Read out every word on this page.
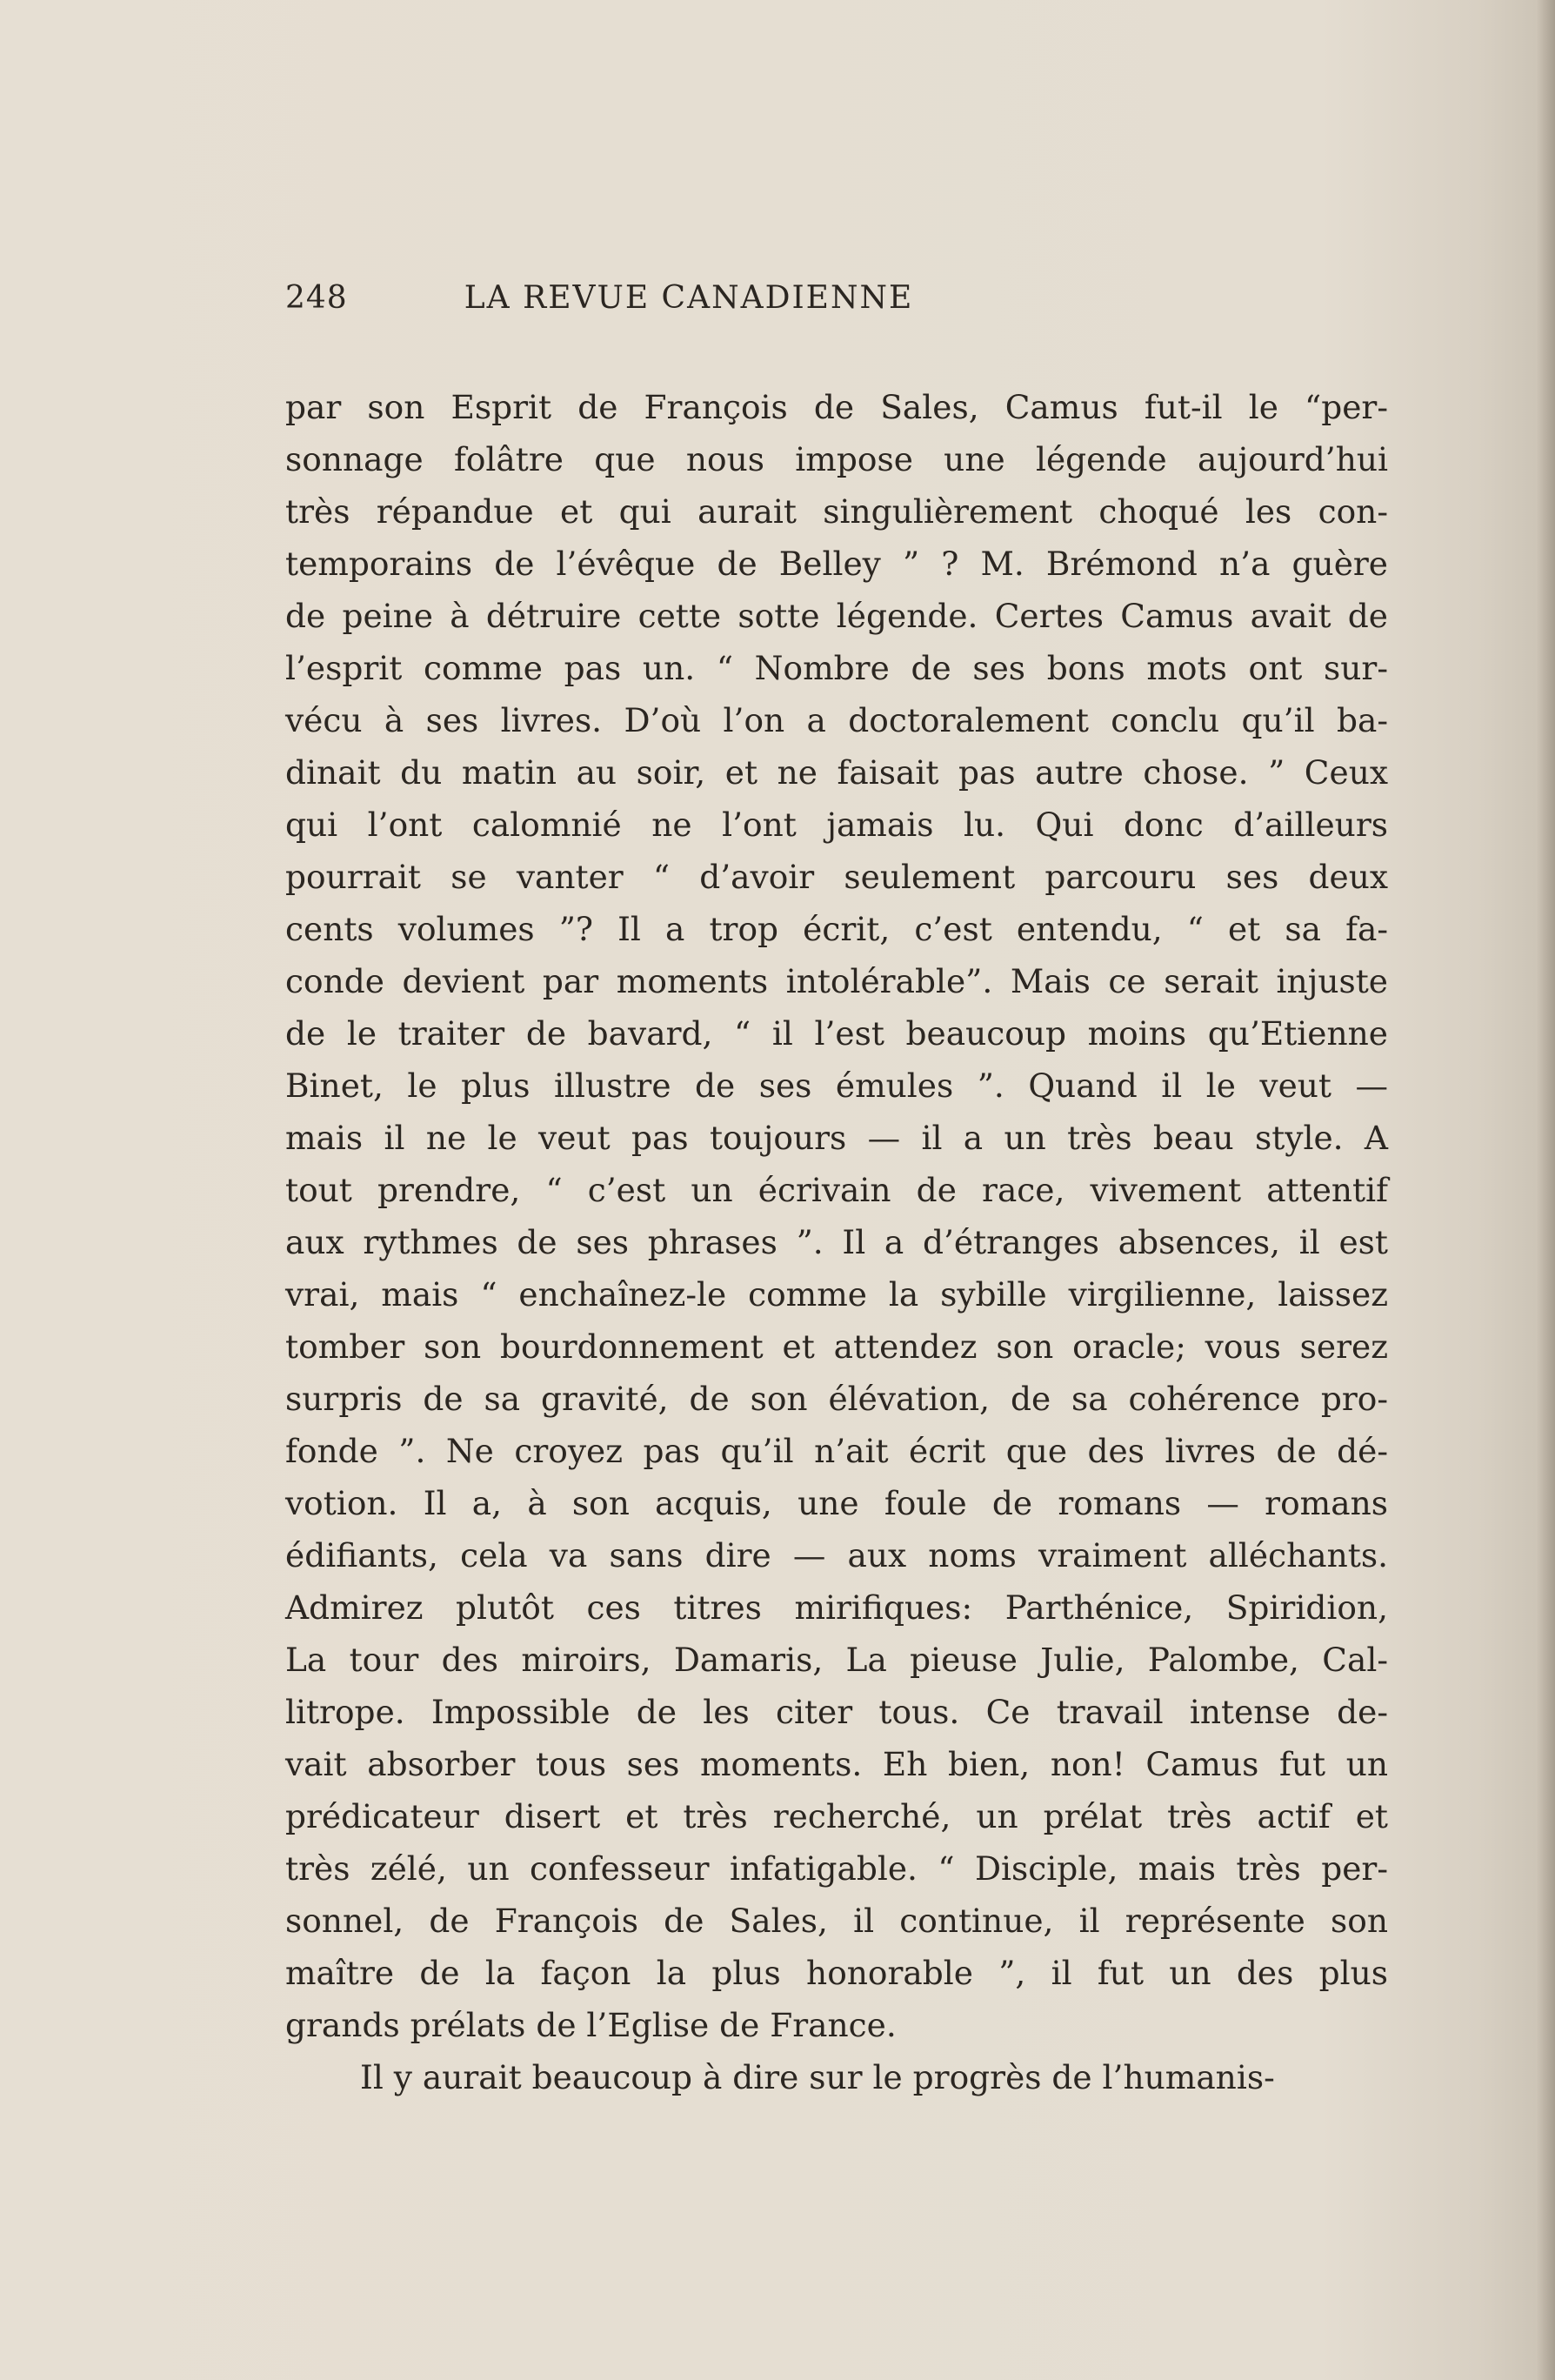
248	LA REVUE CANADIENNE
par son Esprit de François de Sales, Camus fut-il le “per-
sonnage folâtre que nous impose une légende aujourd’hui
très répandue et qui aurait singulièrement choqué les con-
temporains de l’évêque de Belley ” ? M. Brémond n’a guère
de peine à détruire cette sotte légende. Certes Camus avait de
l’esprit comme pas un. “ Nombre de ses bons mots ont sur-
vécu à ses livres. D’où l’on a doctoralement conclu qu’il ba-
dinait du matin au soir, et ne faisait pas autre chose. ” Ceux
qui l’ont calomnié ne l’ont jamais lu. Qui donc d’ailleurs
pourrait se vanter “ d’avoir seulement parcouru ses deux
cents volumes ”? Il a trop écrit, c’est entendu, “ et sa fa-
conde devient par moments intolérable”. Mais ce serait injuste
de le traiter de bavard, “ il l’est beaucoup moins qu’Etienne
Binet, le plus illustre de ses émules ”. Quand il le veut —
mais il ne le veut pas toujours — il a un très beau style. A
tout prendre, “ c’est un écrivain de race, vivement attentif
aux rythmes de ses phrases ”. Il a d’étranges absences, il est
vrai, mais “ enchaînez-le comme la sybille virgilienne, laissez
tomber son bourdonnement et attendez son oracle; vous serez
surpris de sa gravité, de son élévation, de sa cohérence pro-
fonde ”. Ne croyez pas qu’il n’ait écrit que des livres de dé-
votion. Il a, à son acquis, une foule de romans — romans
édifiants, cela va sans dire — aux noms vraiment alléchants.
Admirez plutôt ces titres mirifiques: Parthénice, Spiridion,
La tour des miroirs, Damaris, La pieuse Julie, Palombe, Cal-
litrope. Impossible de les citer tous. Ce travail intense de-
vait absorber tous ses moments. Eh bien, non! Camus fut un
prédicateur disert et très recherché, un prélat très actif et
très zélé, un confesseur infatigable. “ Disciple, mais très per-
sonnel, de François de Sales, il continue, il représente son
maître de la façon la plus honorable ”, il fut un des plus
grands prélats de l’Eglise de France.
Il y aurait beaucoup à dire sur le progrès de l’humanis-
